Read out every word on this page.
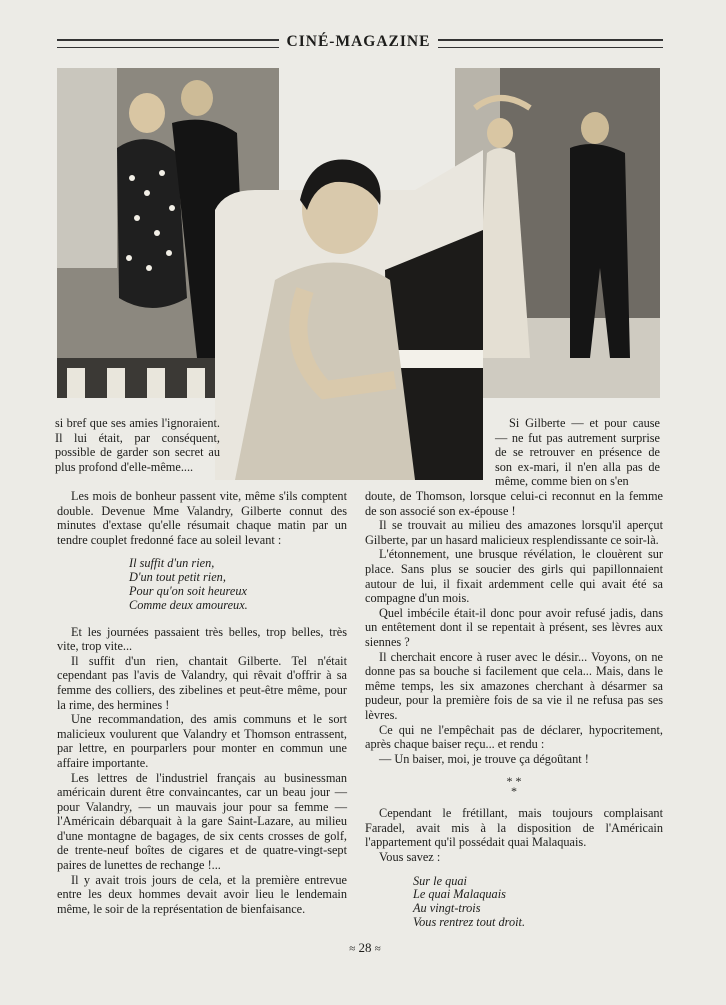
CINÉ-MAGAZINE

si bref que ses amies l'ignoraient. Il lui était, par conséquent, possible de garder son secret au plus profond d'elle-même....

Si Gilberte — et pour cause — ne fut pas autrement surprise de se retrouver en présence de son ex-mari, il n'en alla pas de même, comme bien on s'en

Les mois de bonheur passent vite, même s'ils comptent double. Devenue Mme Valandry, Gilberte connut des minutes d'extase qu'elle résumait chaque matin par un tendre couplet fredonné face au soleil levant :

Il suffit d'un rien,
D'un tout petit rien,
Pour qu'on soit heureux
Comme deux amoureux.

Et les journées passaient très belles, trop belles, très vite, trop vite...

Il suffit d'un rien, chantait Gilberte. Tel n'était cependant pas l'avis de Valandry, qui rêvait d'offrir à sa femme des colliers, des zibelines et peut-être même, pour la rime, des hermines !

Une recommandation, des amis communs et le sort malicieux voulurent que Valandry et Thomson entrassent, par lettre, en pourparlers pour monter en commun une affaire importante.

Les lettres de l'industriel français au businessman américain durent être convaincantes, car un beau jour — pour Valandry, — un mauvais jour pour sa femme — l'Américain débarquait à la gare Saint-Lazare, au milieu d'une montagne de bagages, de six cents crosses de golf, de trente-neuf boîtes de cigares et de quatre-vingt-sept paires de lunettes de rechange !...

Il y avait trois jours de cela, et la première entrevue entre les deux hommes devait avoir lieu le lendemain même, le soir de la représentation de bienfaisance.

doute, de Thomson, lorsque celui-ci reconnut en la femme de son associé son ex-épouse !

Il se trouvait au milieu des amazones lorsqu'il aperçut Gilberte, par un hasard malicieux resplendissante ce soir-là.

L'étonnement, une brusque révélation, le clouèrent sur place. Sans plus se soucier des girls qui papillonnaient autour de lui, il fixait ardemment celle qui avait été sa compagne d'un mois.

Quel imbécile était-il donc pour avoir refusé jadis, dans un entêtement dont il se repentait à présent, ses lèvres aux siennes ?

Il cherchait encore à ruser avec le désir... Voyons, on ne donne pas sa bouche si facilement que cela... Mais, dans le même temps, les six amazones cherchant à désarmer sa pudeur, pour la première fois de sa vie il ne refusa pas ses lèvres.

Ce qui ne l'empêchait pas de déclarer, hypocritement, après chaque baiser reçu... et rendu :

— Un baiser, moi, je trouve ça dégoûtant !

* *
*

Cependant le frétillant, mais toujours complaisant Faradel, avait mis à la disposition de l'Américain l'appartement qu'il possédait quai Malaquais.

Vous savez :

Sur le quai
Le quai Malaquais
Au vingt-trois
Vous rentrez tout droit.
≈ 28 ≈
